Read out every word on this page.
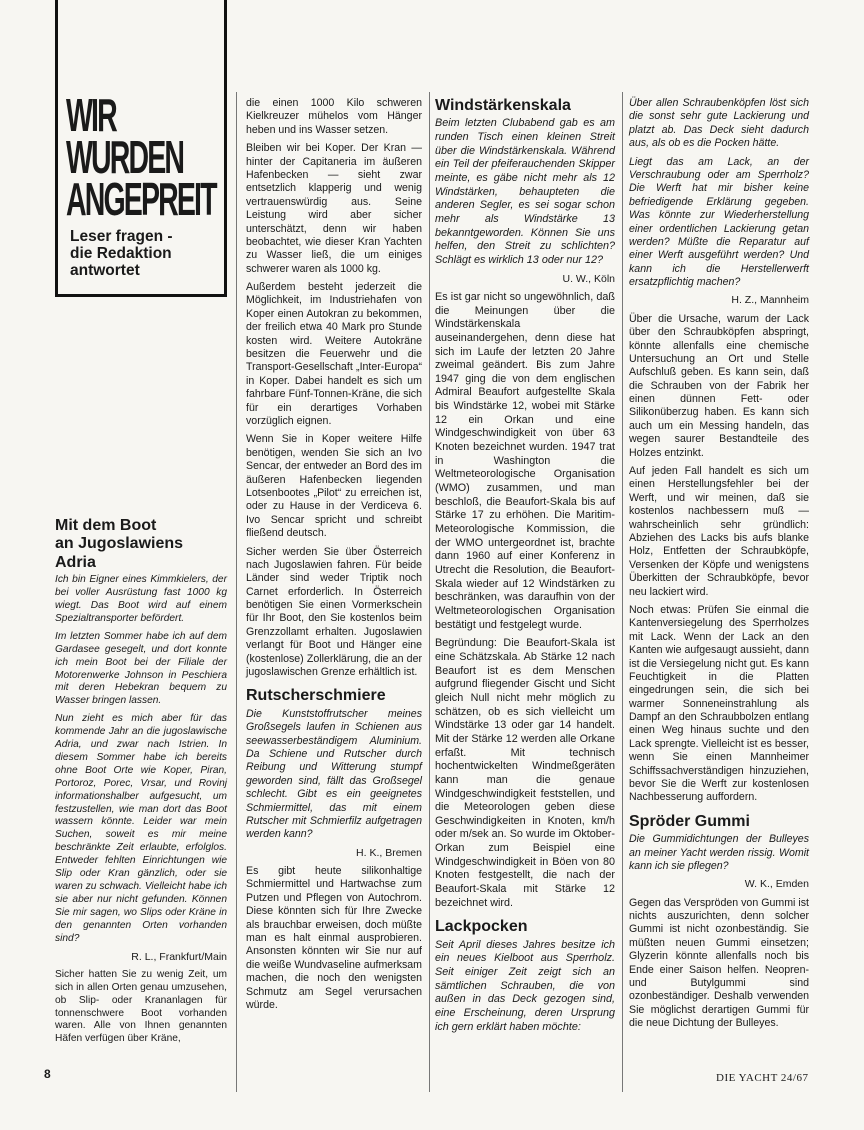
WIR
WURDEN
ANGEPREIT
Leser fragen -
die Redaktion
antwortet
Mit dem Boot
an Jugoslawiens Adria

Ich bin Eigner eines Kimmkielers, der bei voller Ausrüstung fast 1000 kg wiegt. Das Boot wird auf einem Spezialtransporter befördert.

Im letzten Sommer habe ich auf dem Gardasee gesegelt, und dort konnte ich mein Boot bei der Filiale der Motorenwerke Johnson in Peschiera mit deren Hebekran bequem zu Wasser bringen lassen.

Nun zieht es mich aber für das kommende Jahr an die jugoslawische Adria, und zwar nach Istrien. In diesem Sommer habe ich bereits ohne Boot Orte wie Koper, Piran, Portoroz, Porec, Vrsar, und Rovinj informationshalber aufgesucht, um festzustellen, wie man dort das Boot wassern könnte. Leider war mein Suchen, soweit es mir meine beschränkte Zeit erlaubte, erfolglos. Entweder fehlten Einrichtungen wie Slip oder Kran gänzlich, oder sie waren zu schwach. Vielleicht habe ich sie aber nur nicht gefunden. Können Sie mir sagen, wo Slips oder Kräne in den genannten Orten vorhanden sind?

R. L., Frankfurt/Main

Sicher hatten Sie zu wenig Zeit, um sich in allen Orten genau umzusehen, ob Slip- oder Krananlagen für tonnenschwere Boot vorhanden waren. Alle von Ihnen genannten Häfen verfügen über Kräne,

die einen 1000 Kilo schweren Kielkreuzer mühelos vom Hänger heben und ins Wasser setzen.

Bleiben wir bei Koper. Der Kran — hinter der Capitaneria im äußeren Hafenbecken — sieht zwar entsetzlich klapperig und wenig vertrauenswürdig aus. Seine Leistung wird aber sicher unterschätzt, denn wir haben beobachtet, wie dieser Kran Yachten zu Wasser ließ, die um einiges schwerer waren als 1000 kg.

Außerdem besteht jederzeit die Möglichkeit, im Industriehafen von Koper einen Autokran zu bekommen, der freilich etwa 40 Mark pro Stunde kosten wird. Weitere Autokräne besitzen die Feuerwehr und die Transport-Gesellschaft „Inter-Europa“ in Koper. Dabei handelt es sich um fahrbare Fünf-Tonnen-Kräne, die sich für ein derartiges Vorhaben vorzüglich eignen.

Wenn Sie in Koper weitere Hilfe benötigen, wenden Sie sich an Ivo Sencar, der entweder an Bord des im äußeren Hafenbecken liegenden Lotsenbootes „Pilot“ zu erreichen ist, oder zu Hause in der Verdiceva 6. Ivo Sencar spricht und schreibt fließend deutsch.

Sicher werden Sie über Österreich nach Jugoslawien fahren. Für beide Länder sind weder Triptik noch Carnet erforderlich. In Österreich benötigen Sie einen Vormerkschein für Ihr Boot, den Sie kostenlos beim Grenzzollamt erhalten. Jugoslawien verlangt für Boot und Hänger eine (kostenlose) Zollerklärung, die an der jugoslawischen Grenze erhältlich ist.

Rutscherschmiere

Die Kunststoffrutscher meines Großsegels laufen in Schienen aus seewasserbeständigem Aluminium. Da Schiene und Rutscher durch Reibung und Witterung stumpf geworden sind, fällt das Großsegel schlecht. Gibt es ein geeignetes Schmiermittel, das mit einem Rutscher mit Schmierfilz aufgetragen werden kann?

H. K., Bremen

Es gibt heute silikonhaltige Schmiermittel und Hartwachse zum Putzen und Pflegen von Autochrom. Diese könnten sich für Ihre Zwecke als brauchbar erweisen, doch müßte man es halt einmal ausprobieren. Ansonsten könnten wir Sie nur auf die weiße Wundvaseline aufmerksam machen, die noch den wenigsten Schmutz am Segel verursachen würde.

Windstärkenskala

Beim letzten Clubabend gab es am runden Tisch einen kleinen Streit über die Windstärkenskala. Während ein Teil der pfeiferauchenden Skipper meinte, es gäbe nicht mehr als 12 Windstärken, behaupteten die anderen Segler, es sei sogar schon mehr als Windstärke 13 bekanntgeworden. Können Sie uns helfen, den Streit zu schlichten? Schlägt es wirklich 13 oder nur 12?

U. W., Köln

Es ist gar nicht so ungewöhnlich, daß die Meinungen über die Windstärkenskala auseinandergehen, denn diese hat sich im Laufe der letzten 20 Jahre zweimal geändert. Bis zum Jahre 1947 ging die von dem englischen Admiral Beaufort aufgestellte Skala bis Windstärke 12, wobei mit Stärke 12 ein Orkan und eine Windgeschwindigkeit von über 63 Knoten bezeichnet wurden. 1947 trat in Washington die Weltmeteorologische Organisation (WMO) zusammen, und man beschloß, die Beaufort-Skala bis auf Stärke 17 zu erhöhen. Die Maritim-Meteorologische Kommission, die der WMO untergeordnet ist, brachte dann 1960 auf einer Konferenz in Utrecht die Resolution, die Beaufort-Skala wieder auf 12 Windstärken zu beschränken, was daraufhin von der Weltmeteorologischen Organisation bestätigt und festgelegt wurde.

Begründung: Die Beaufort-Skala ist eine Schätzskala. Ab Stärke 12 nach Beaufort ist es dem Menschen aufgrund fliegender Gischt und Sicht gleich Null nicht mehr möglich zu schätzen, ob es sich vielleicht um Windstärke 13 oder gar 14 handelt. Mit der Stärke 12 werden alle Orkane erfaßt. Mit technisch hochentwickelten Windmeßgeräten kann man die genaue Windgeschwindigkeit feststellen, und die Meteorologen geben diese Geschwindigkeiten in Knoten, km/h oder m/sek an. So wurde im Oktober-Orkan zum Beispiel eine Windgeschwindigkeit in Böen von 80 Knoten festgestellt, die nach der Beaufort-Skala mit Stärke 12 bezeichnet wird.

Lackpocken

Seit April dieses Jahres besitze ich ein neues Kielboot aus Sperrholz. Seit einiger Zeit zeigt sich an sämtlichen Schrauben, die von außen in das Deck gezogen sind, eine Erscheinung, deren Ursprung ich gern erklärt haben möchte:

Über allen Schraubenköpfen löst sich die sonst sehr gute Lackierung und platzt ab. Das Deck sieht dadurch aus, als ob es die Pocken hätte.

Liegt das am Lack, an der Verschraubung oder am Sperrholz? Die Werft hat mir bisher keine befriedigende Erklärung gegeben. Was könnte zur Wiederherstellung einer ordentlichen Lackierung getan werden? Müßte die Reparatur auf einer Werft ausgeführt werden? Und kann ich die Herstellerwerft ersatzpflichtig machen?

H. Z., Mannheim

Über die Ursache, warum der Lack über den Schraubköpfen abspringt, könnte allenfalls eine chemische Untersuchung an Ort und Stelle Aufschluß geben. Es kann sein, daß die Schrauben von der Fabrik her einen dünnen Fett- oder Silikonüberzug haben. Es kann sich auch um ein Messing handeln, das wegen saurer Bestandteile des Holzes entzinkt.

Auf jeden Fall handelt es sich um einen Herstellungsfehler bei der Werft, und wir meinen, daß sie kostenlos nachbessern muß — wahrscheinlich sehr gründlich: Abziehen des Lacks bis aufs blanke Holz, Entfetten der Schraubköpfe, Versenken der Köpfe und wenigstens Überkitten der Schraubköpfe, bevor neu lackiert wird.

Noch etwas: Prüfen Sie einmal die Kantenversiegelung des Sperrholzes mit Lack. Wenn der Lack an den Kanten wie aufgesaugt aussieht, dann ist die Versiegelung nicht gut. Es kann Feuchtigkeit in die Platten eingedrungen sein, die sich bei warmer Sonneneinstrahlung als Dampf an den Schraubbolzen entlang einen Weg hinaus suchte und den Lack sprengte. Vielleicht ist es besser, wenn Sie einen Mannheimer Schiffssachverständigen hinzuziehen, bevor Sie die Werft zur kostenlosen Nachbesserung auffordern.

Spröder Gummi

Die Gummidichtungen der Bulleyes an meiner Yacht werden rissig. Womit kann ich sie pflegen?

W. K., Emden

Gegen das Verspröden von Gummi ist nichts auszurichten, denn solcher Gummi ist nicht ozonbeständig. Sie müßten neuen Gummi einsetzen; Glyzerin könnte allenfalls noch bis Ende einer Saison helfen. Neopren- und Butylgummi sind ozonbeständiger. Deshalb verwenden Sie möglichst derartigen Gummi für die neue Dichtung der Bulleyes.

8	DIE YACHT 24/67
